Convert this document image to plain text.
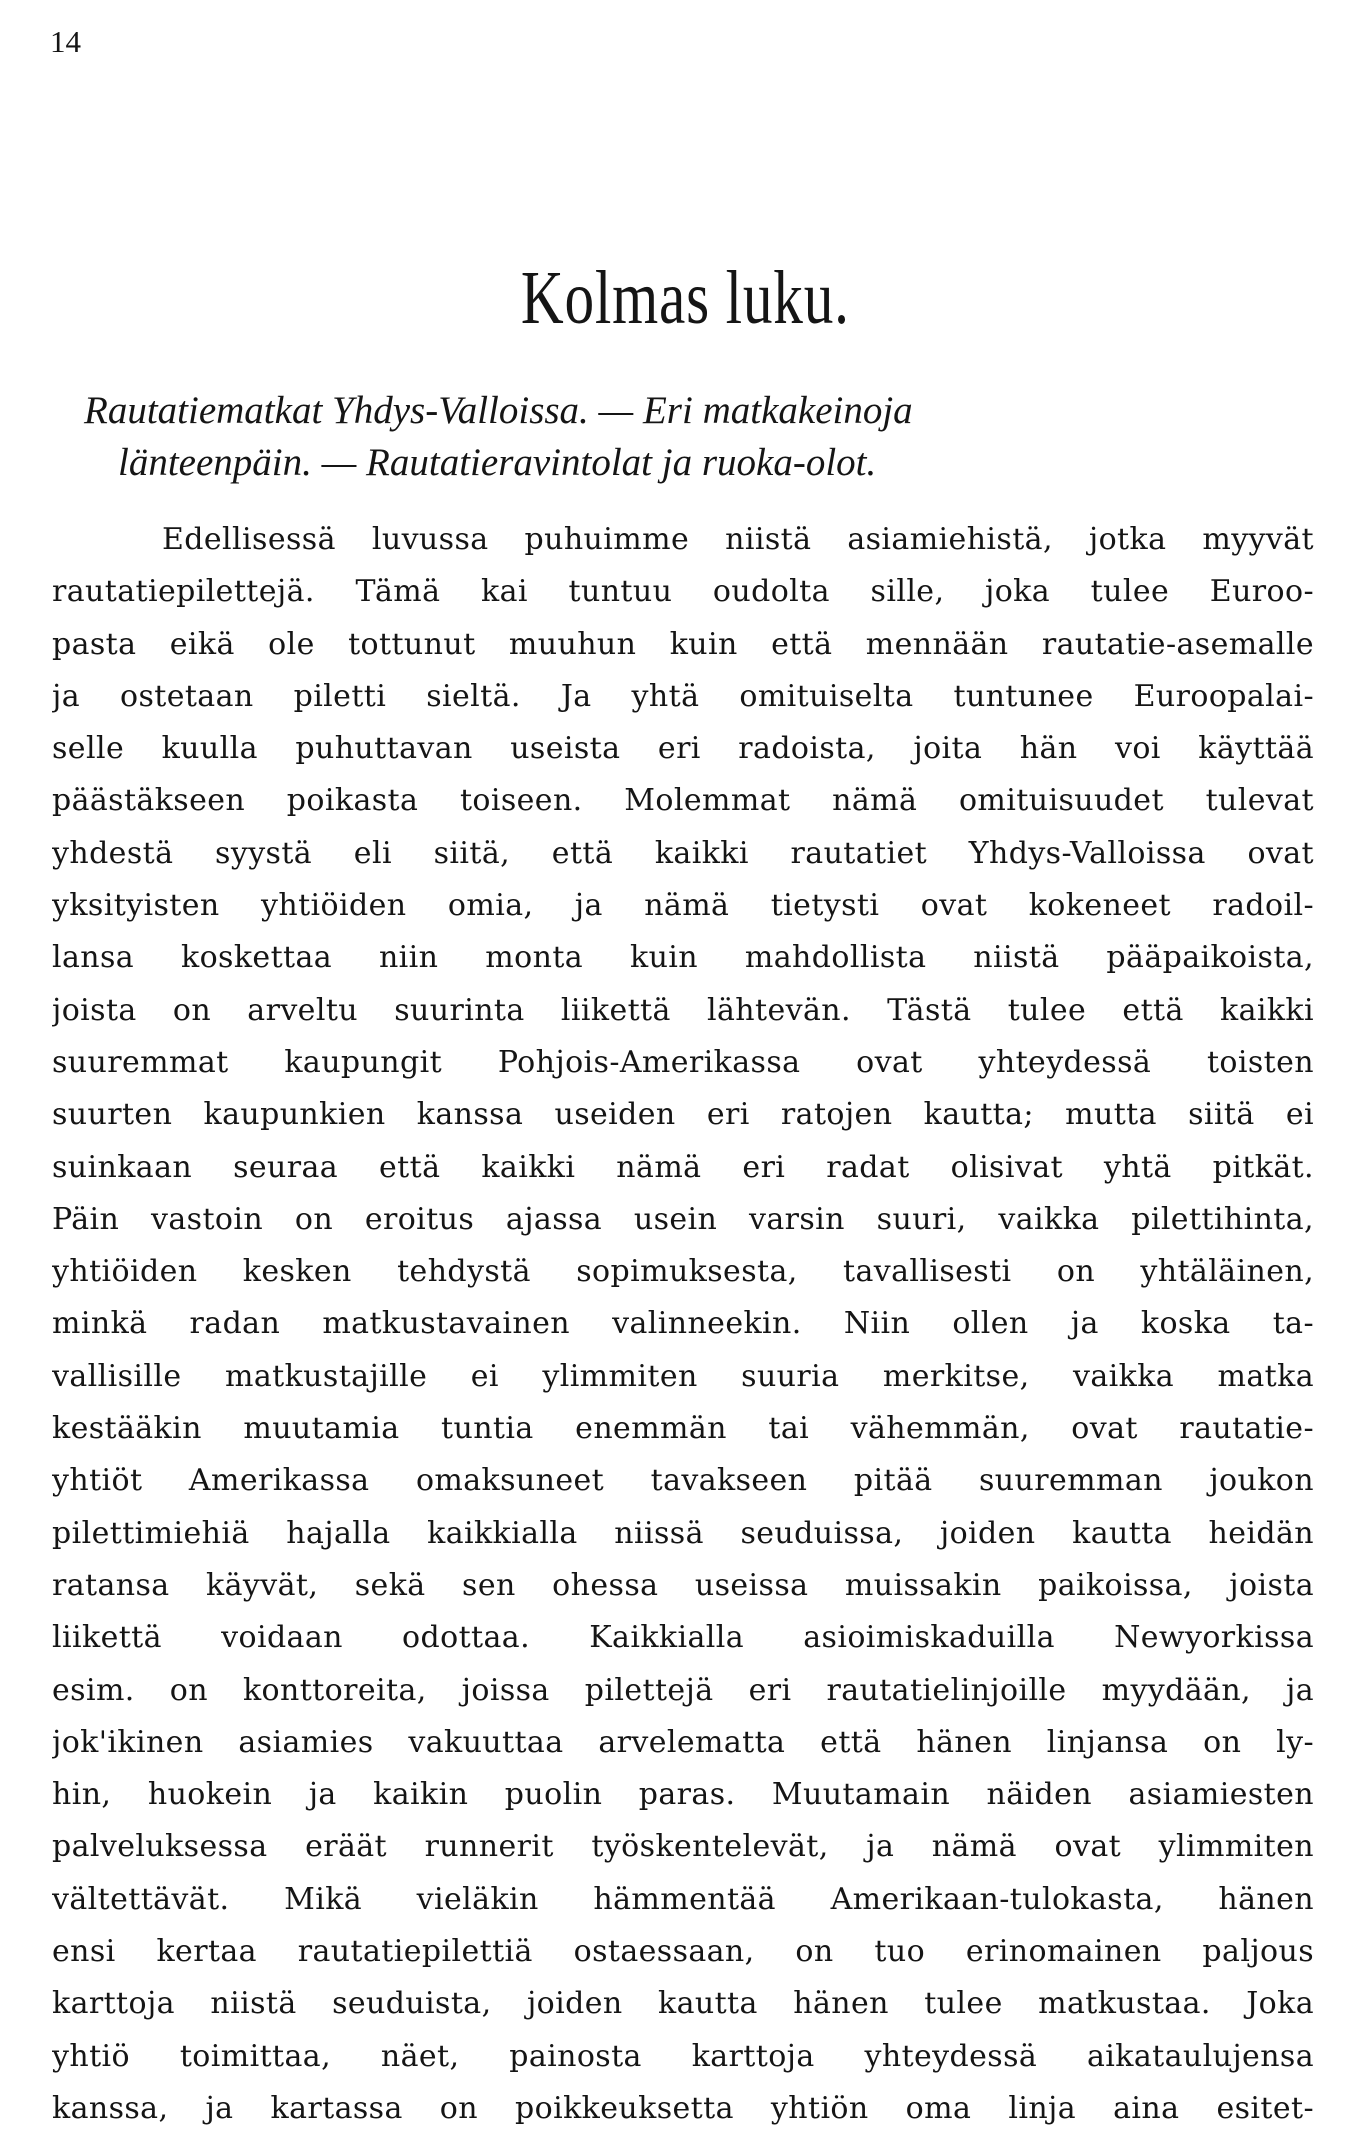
14
Kolmas luku.
Rautatiematkat Yhdys-Valloissa. — Eri matkakeinoja
länteenpäin. — Rautatieravintolat ja ruoka-olot.
Edellisessä luvussa puhuimme niistä asiamiehistä, jotka myyvät
rautatiepilettejä. Tämä kai tuntuu oudolta sille, joka tulee Euroo-
pasta eikä ole tottunut muuhun kuin että mennään rautatie-asemalle
ja ostetaan piletti sieltä. Ja yhtä omituiselta tuntunee Euroopalai-
selle kuulla puhuttavan useista eri radoista, joita hän voi käyttää
päästäkseen poikasta toiseen. Molemmat nämä omituisuudet tulevat
yhdestä syystä eli siitä, että kaikki rautatiet Yhdys-Valloissa ovat
yksityisten yhtiöiden omia, ja nämä tietysti ovat kokeneet radoil-
lansa koskettaa niin monta kuin mahdollista niistä pääpaikoista,
joista on arveltu suurinta liikettä lähtevän. Tästä tulee että kaikki
suuremmat kaupungit Pohjois-Amerikassa ovat yhteydessä toisten
suurten kaupunkien kanssa useiden eri ratojen kautta; mutta siitä ei
suinkaan seuraa että kaikki nämä eri radat olisivat yhtä pitkät.
Päin vastoin on eroitus ajassa usein varsin suuri, vaikka pilettihinta,
yhtiöiden kesken tehdystä sopimuksesta, tavallisesti on yhtäläinen,
minkä radan matkustavainen valinneekin. Niin ollen ja koska ta-
vallisille matkustajille ei ylimmiten suuria merkitse, vaikka matka
kestääkin muutamia tuntia enemmän tai vähemmän, ovat rautatie-
yhtiöt Amerikassa omaksuneet tavakseen pitää suuremman joukon
pilettimiehiä hajalla kaikkialla niissä seuduissa, joiden kautta heidän
ratansa käyvät, sekä sen ohessa useissa muissakin paikoissa, joista
liikettä voidaan odottaa. Kaikkialla asioimiskaduilla Newyorkissa
esim. on konttoreita, joissa pilettejä eri rautatielinjoille myydään, ja
jok'ikinen asiamies vakuuttaa arvelematta että hänen linjansa on ly-
hin, huokein ja kaikin puolin paras. Muutamain näiden asiamiesten
palveluksessa eräät runnerit työskentelevät, ja nämä ovat ylimmiten
vältettävät. Mikä vieläkin hämmentää Amerikaan-tulokasta, hänen
ensi kertaa rautatiepilettiä ostaessaan, on tuo erinomainen paljous
karttoja niistä seuduista, joiden kautta hänen tulee matkustaa. Joka
yhtiö toimittaa, näet, painosta karttoja yhteydessä aikataulujensa
kanssa, ja kartassa on poikkeuksetta yhtiön oma linja aina esitet-
